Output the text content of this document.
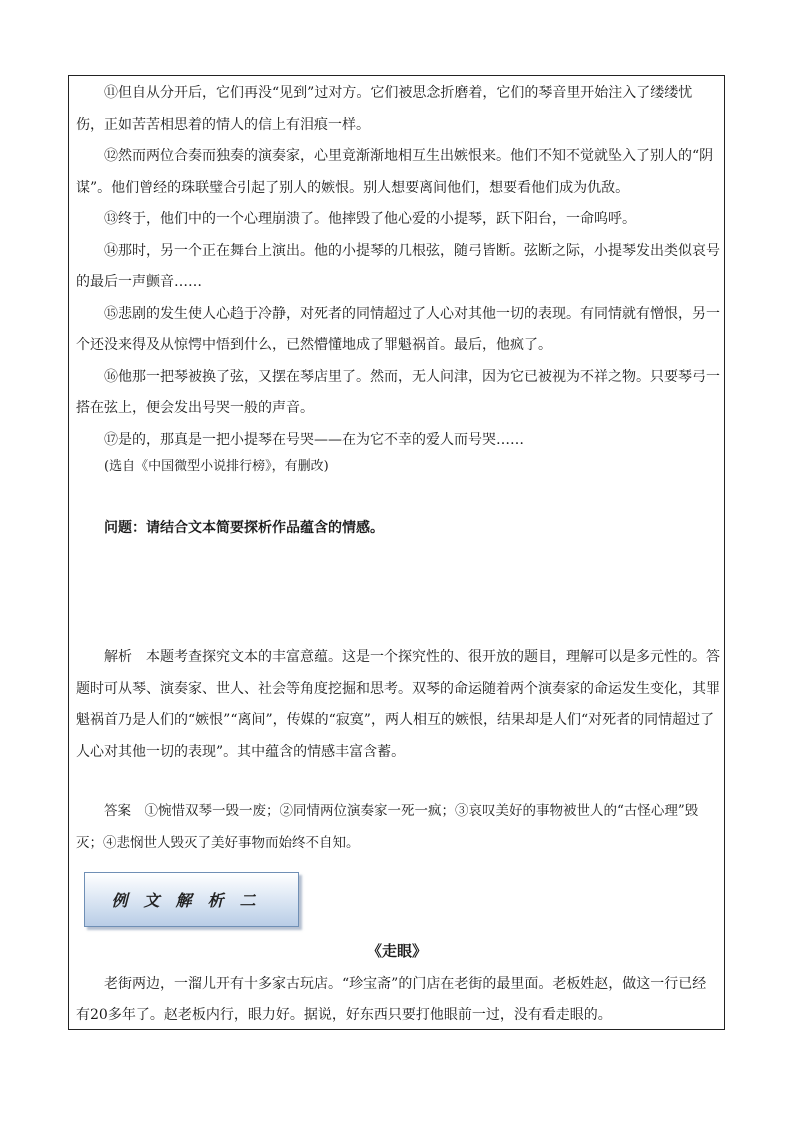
⑪但自从分开后，它们再没“见到”过对方。它们被思念折磨着，它们的琴音里开始注入了缕缕忧伤，正如苦苦相思着的情人的信上有泪痕一样。

⑫然而两位合奏而独奏的演奏家，心里竟渐渐地相互生出嫉恨来。他们不知不觉就坠入了别人的“阴谋”。他们曾经的珠联璧合引起了别人的嫉恨。别人想要离间他们，想要看他们成为仇敌。

⑬终于，他们中的一个心理崩溃了。他摔毁了他心爱的小提琴，跃下阳台，一命呜呼。

⑭那时，另一个正在舞台上演出。他的小提琴的几根弦，随弓皆断。弦断之际，小提琴发出类似哀号的最后一声颤音……

⑮悲剧的发生使人心趋于冷静，对死者的同情超过了人心对其他一切的表现。有同情就有憎恨，另一个还没来得及从惊愕中悟到什么，已然懵懂地成了罪魁祸首。最后，他疯了。

⑯他那一把琴被换了弦，又摆在琴店里了。然而，无人问津，因为它已被视为不祥之物。只要琴弓一搭在弦上，便会发出号哭一般的声音。

⑰是的，那真是一把小提琴在号哭——在为它不幸的爱人而号哭……

(选自《中国微型小说排行榜》，有删改)

问题：请结合文本简要探析作品蕴含的情感。

解析　本题考查探究文本的丰富意蕴。这是一个探究性的、很开放的题目，理解可以是多元性的。答题时可从琴、演奏家、世人、社会等角度挖掘和思考。双琴的命运随着两个演奏家的命运发生变化，其罪魁祸首乃是人们的“嫉恨”“离间”，传媒的“寂寞”，两人相互的嫉恨，结果却是人们“对死者的同情超过了人心对其他一切的表现”。其中蕴含的情感丰富含蓄。

答案　①惋惜双琴一毁一废；②同情两位演奏家一死一疯；③哀叹美好的事物被世人的“古怪心理”毁灭；④悲悯世人毁灭了美好事物而始终不自知。

例文解析二
《走眼》

老街两边，一溜儿开有十多家古玩店。“珍宝斋”的门店在老街的最里面。老板姓赵，做这一行已经有20多年了。赵老板内行，眼力好。据说，好东西只要打他眼前一过，没有看走眼的。
